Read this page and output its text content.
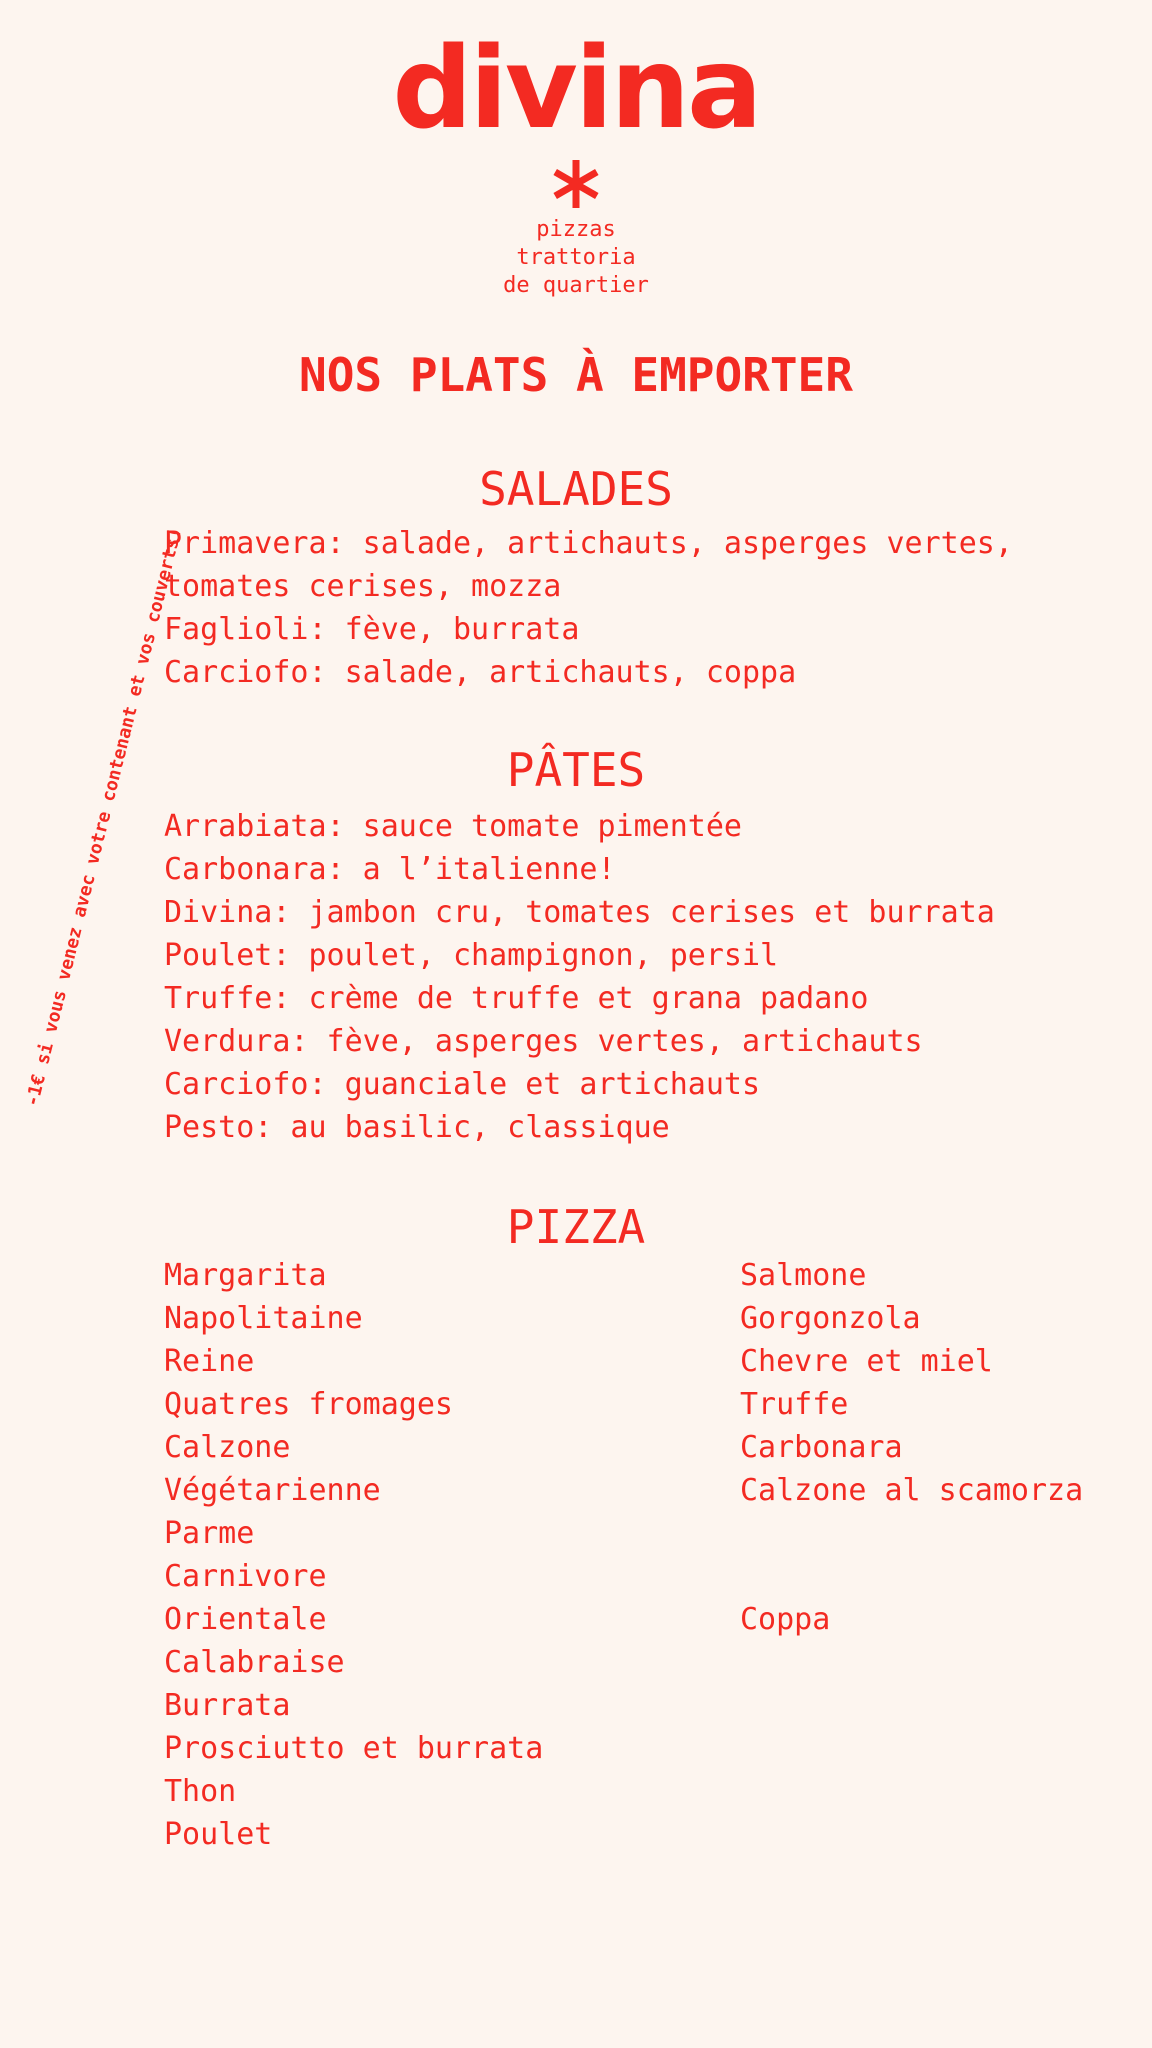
divina
pizzas
trattoria
de quartier
NOS PLATS À EMPORTER
-1€ si vous venez avec votre contenant et vos couverts!
SALADES
Primavera: salade, artichauts, asperges vertes,
tomates cerises, mozza
Faglioli: fève, burrata
Carciofo: salade, artichauts, coppa
PÂTES
Arrabiata: sauce tomate pimentée
Carbonara: a l’italienne!
Divina: jambon cru, tomates cerises et burrata
Poulet: poulet, champignon, persil
Truffe: crème de truffe et grana padano
Verdura: fève, asperges vertes, artichauts
Carciofo: guanciale et artichauts
Pesto: au basilic, classique
PIZZA
Margarita
Napolitaine
Reine
Quatres fromages
Calzone
Végétarienne
Parme
Carnivore
Orientale
Calabraise
Burrata
Prosciutto et burrata
Thon
Poulet
Salmone
Gorgonzola
Chevre et miel
Truffe
Carbonara
Calzone al scamorza
Coppa
